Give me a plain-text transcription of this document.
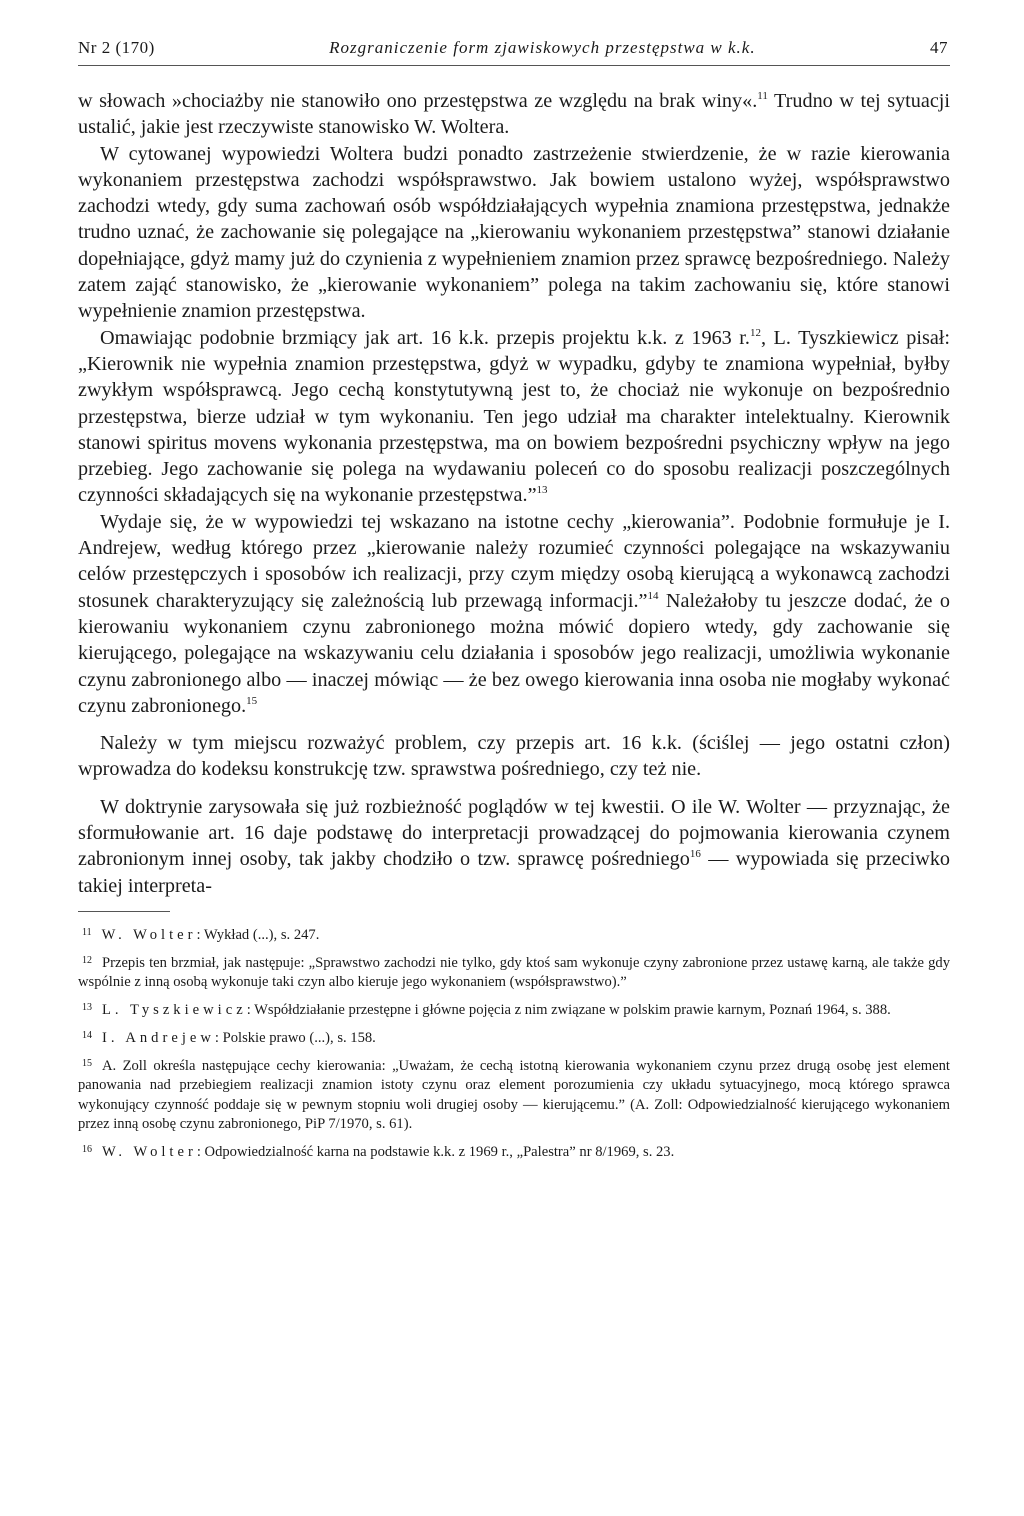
Nr 2 (170)	Rozgraniczenie form zjawiskowych przestępstwa w k.k.	47

w słowach »chociażby nie stanowiło ono przestępstwa ze względu na brak winy«.$^{11}$ Trudno w tej sytuacji ustalić, jakie jest rzeczywiste stanowisko W. Woltera.

W cytowanej wypowiedzi Woltera budzi ponadto zastrzeżenie stwierdzenie, że w razie kierowania wykonaniem przestępstwa zachodzi współsprawstwo. Jak bowiem ustalono wyżej, współsprawstwo zachodzi wtedy, gdy suma zachowań osób współdziałających wypełnia znamiona przestępstwa, jednakże trudno uznać, że zachowanie się polegające na „kierowaniu wykonaniem przestępstwa” stanowi działanie dopełniające, gdyż mamy już do czynienia z wypełnieniem znamion przez sprawcę bezpośredniego. Należy zatem zająć stanowisko, że „kierowanie wykonaniem” polega na takim zachowaniu się, które stanowi wypełnienie znamion przestępstwa.

Omawiając podobnie brzmiący jak art. 16 k.k. przepis projektu k.k. z 1963 r.$^{12}$, L. Tyszkiewicz pisał: „Kierownik nie wypełnia znamion przestępstwa, gdyż w wypadku, gdyby te znamiona wypełniał, byłby zwykłym współsprawcą. Jego cechą konstytutywną jest to, że chociaż nie wykonuje on bezpośrednio przestępstwa, bierze udział w tym wykonaniu. Ten jego udział ma charakter intelektualny. Kierownik stanowi spiritus movens wykonania przestępstwa, ma on bowiem bezpośredni psychiczny wpływ na jego przebieg. Jego zachowanie się polega na wydawaniu poleceń co do sposobu realizacji poszczególnych czynności składających się na wykonanie przestępstwa.”$^{13}$

Wydaje się, że w wypowiedzi tej wskazano na istotne cechy „kierowania”. Podobnie formułuje je I. Andrejew, według którego przez „kierowanie należy rozumieć czynności polegające na wskazywaniu celów przestępczych i sposobów ich realizacji, przy czym między osobą kierującą a wykonawcą zachodzi stosunek charakteryzujący się zależnością lub przewagą informacji.”$^{14}$ Należałoby tu jeszcze dodać, że o kierowaniu wykonaniem czynu zabronionego można mówić dopiero wtedy, gdy zachowanie się kierującego, polegające na wskazywaniu celu działania i sposobów jego realizacji, umożliwia wykonanie czynu zabronionego albo — inaczej mówiąc — że bez owego kierowania inna osoba nie mogłaby wykonać czynu zabronionego.$^{15}$

Należy w tym miejscu rozważyć problem, czy przepis art. 16 k.k. (ściślej — jego ostatni człon) wprowadza do kodeksu konstrukcję tzw. sprawstwa pośredniego, czy też nie.

W doktrynie zarysowała się już rozbieżność poglądów w tej kwestii. O ile W. Wolter — przyznając, że sformułowanie art. 16 daje podstawę do interpretacji prowadzącej do pojmowania kierowania czynem zabronionym innej osoby, tak jakby chodziło o tzw. sprawcę pośredniego$^{16}$ — wypowiada się przeciwko takiej interpreta-

$^{11}$ W. Wolter: Wykład (...), s. 247.

$^{12}$ Przepis ten brzmiał, jak następuje: „Sprawstwo zachodzi nie tylko, gdy ktoś sam wykonuje czyny zabronione przez ustawę karną, ale także gdy wspólnie z inną osobą wykonuje taki czyn albo kieruje jego wykonaniem (współsprawstwo).”

$^{13}$ L. Tyszkiewicz: Współdziałanie przestępne i główne pojęcia z nim związane w polskim prawie karnym, Poznań 1964, s. 388.

$^{14}$ I. Andrejew: Polskie prawo (...), s. 158.

$^{15}$ A. Zoll określa następujące cechy kierowania: „Uważam, że cechą istotną kierowania wykonaniem czynu przez drugą osobę jest element panowania nad przebiegiem realizacji znamion istoty czynu oraz element porozumienia czy układu sytuacyjnego, mocą którego sprawca wykonujący czynność poddaje się w pewnym stopniu woli drugiej osoby — kierującemu.” (A. Zoll: Odpowiedzialność kierującego wykonaniem przez inną osobę czynu zabronionego, PiP 7/1970, s. 61).

$^{16}$ W. Wolter: Odpowiedzialność karna na podstawie k.k. z 1969 r., „Palestra” nr 8/1969, s. 23.
